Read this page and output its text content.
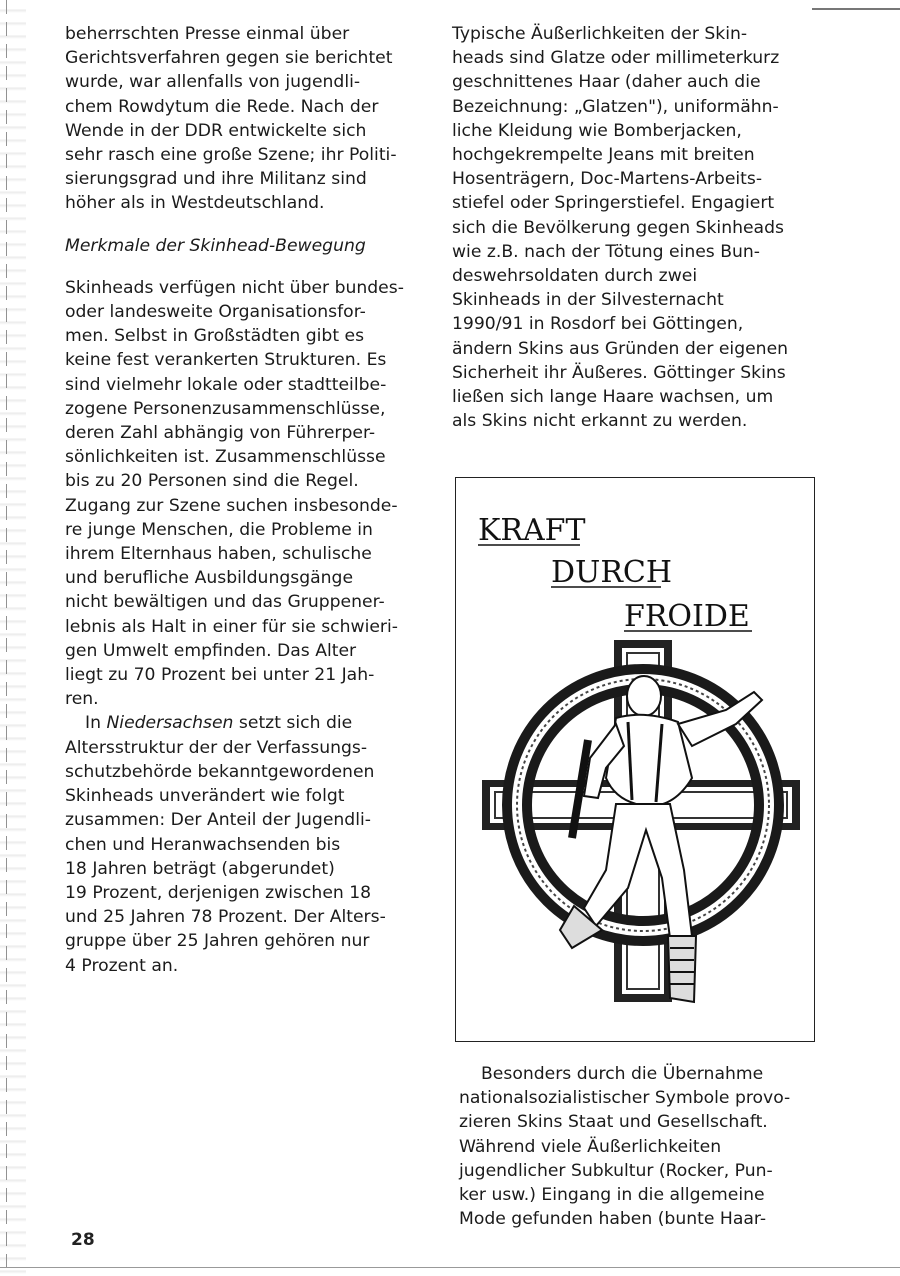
beherrschten Presse einmal über
Gerichtsverfahren gegen sie berichtet
wurde, war allenfalls von jugendli-
chem Rowdytum die Rede. Nach der
Wende in der DDR entwickelte sich
sehr rasch eine große Szene; ihr Politi-
sierungsgrad und ihre Militanz sind
höher als in Westdeutschland.

Merkmale der Skinhead-Bewegung

Skinheads verfügen nicht über bundes-
oder landesweite Organisationsfor-
men. Selbst in Großstädten gibt es
keine fest verankerten Strukturen. Es
sind vielmehr lokale oder stadtteilbe-
zogene Personenzusammenschlüsse,
deren Zahl abhängig von Führerper-
sönlichkeiten ist. Zusammenschlüsse
bis zu 20 Personen sind die Regel.
Zugang zur Szene suchen insbesonde-
re junge Menschen, die Probleme in
ihrem Elternhaus haben, schulische
und berufliche Ausbildungsgänge
nicht bewältigen und das Gruppener-
lebnis als Halt in einer für sie schwieri-
gen Umwelt empfinden. Das Alter
liegt zu 70 Prozent bei unter 21 Jah-
ren.

In Niedersachsen setzt sich die
Altersstruktur der der Verfassungs-
schutzbehörde bekanntgewordenen
Skinheads unverändert wie folgt
zusammen: Der Anteil der Jugendli-
chen und Heranwachsenden bis
18 Jahren beträgt (abgerundet)
19 Prozent, derjenigen zwischen 18
und 25 Jahren 78 Prozent. Der Alters-
gruppe über 25 Jahren gehören nur
4 Prozent an.

Typische Äußerlichkeiten der Skin-
heads sind Glatze oder millimeterkurz
geschnittenes Haar (daher auch die
Bezeichnung: „Glatzen"), uniformähn-
liche Kleidung wie Bomberjacken,
hochgekrempelte Jeans mit breiten
Hosenträgern, Doc-Martens-Arbeits-
stiefel oder Springerstiefel. Engagiert
sich die Bevölkerung gegen Skinheads
wie z.B. nach der Tötung eines Bun-
deswehrsoldaten durch zwei
Skinheads in der Silvesternacht
1990/91 in Rosdorf bei Göttingen,
ändern Skins aus Gründen der eigenen
Sicherheit ihr Äußeres. Göttinger Skins
ließen sich lange Haare wachsen, um
als Skins nicht erkannt zu werden.

KRAFT
DURCH
FROIDE

Besonders durch die Übernahme
nationalsozialistischer Symbole provo-
zieren Skins Staat und Gesellschaft.
Während viele Äußerlichkeiten
jugendlicher Subkultur (Rocker, Pun-
ker usw.) Eingang in die allgemeine
Mode gefunden haben (bunte Haar-

28
